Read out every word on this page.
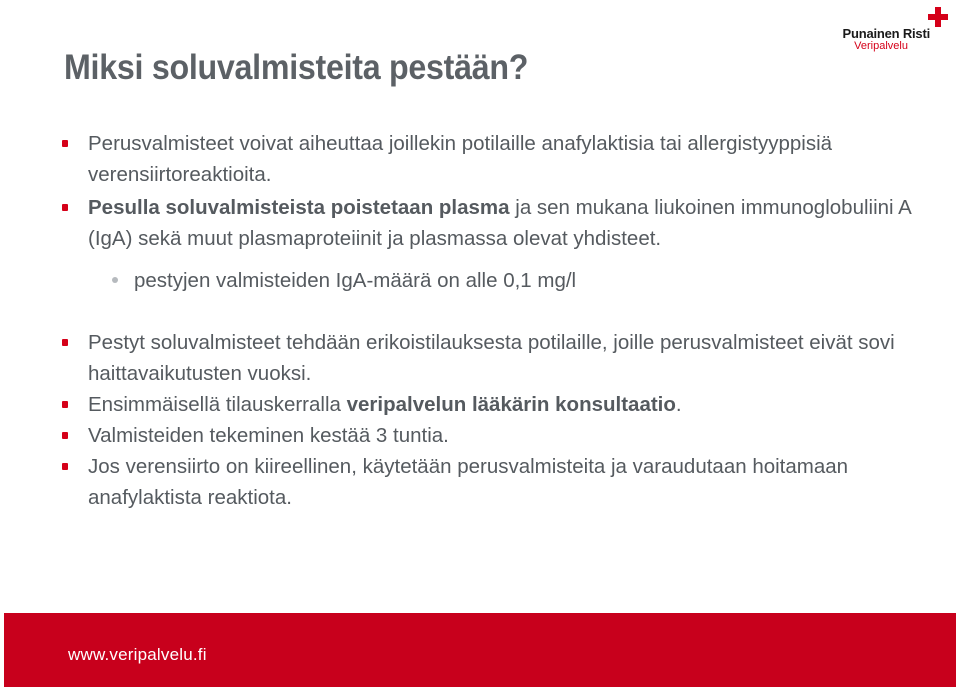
Punainen Risti
Veripalvelu
Miksi soluvalmisteita pestään?
Perusvalmisteet voivat aiheuttaa joillekin potilaille anafylaktisia tai allergistyyppisiä verensiirtoreaktioita.
Pesulla soluvalmisteista poistetaan plasma ja sen mukana liukoinen immunoglobuliini A (IgA) sekä muut plasmaproteiinit ja plasmassa olevat yhdisteet.
pestyjen valmisteiden IgA-määrä on alle 0,1 mg/l
Pestyt soluvalmisteet tehdään erikoistilauksesta potilaille, joille perusvalmisteet eivät sovi haittavaikutusten vuoksi.
Ensimmäisellä tilauskerralla veripalvelun lääkärin konsultaatio.
Valmisteiden tekeminen kestää 3 tuntia.
Jos verensiirto on kiireellinen, käytetään perusvalmisteita ja varaudutaan hoitamaan anafylaktista reaktiota.
www.veripalvelu.fi
